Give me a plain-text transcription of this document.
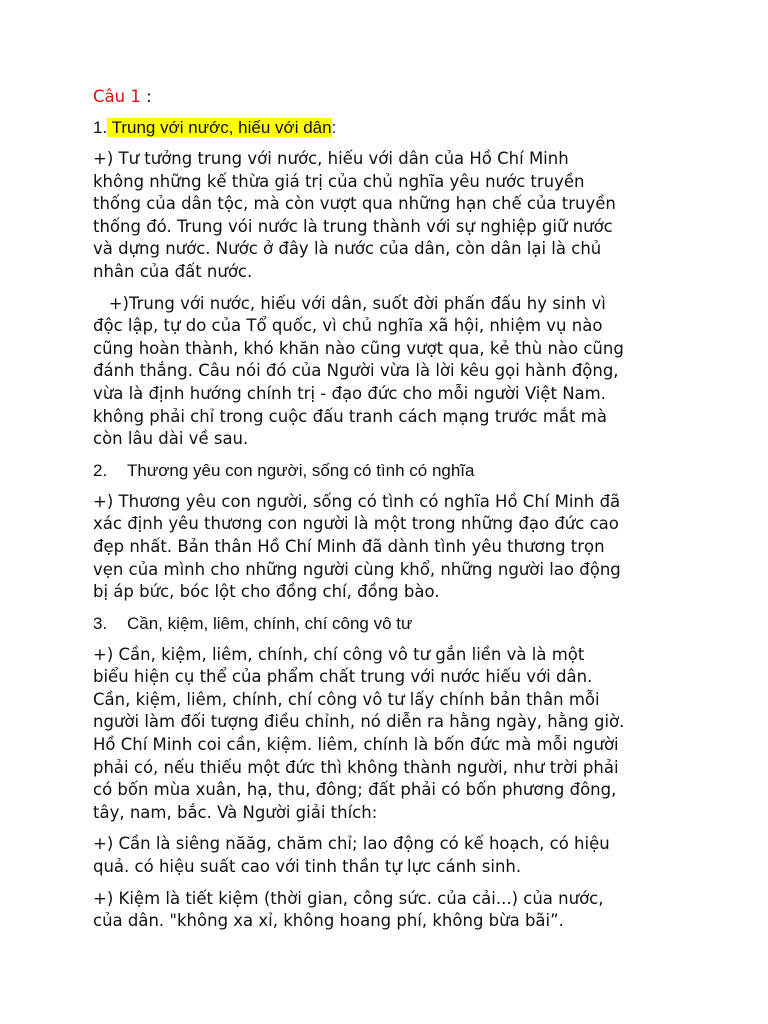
Câu 1 :
1. Trung với nước, hiếu với dân:
+) Tư tưởng trung với nước, hiếu với dân của Hồ Chí Minh
không những kế thừa giá trị của chủ nghĩa yêu nước truyền
thống của dân tộc, mà còn vượt qua những hạn chế của truyền
thống đó. Trung vói nước là trung thành với sự nghiệp giữ nước
và dựng nước. Nước ở đây là nước của dân, còn dân lại là chủ
nhân của đất nước.
+)Trung với nước, hiếu với dân, suốt đời phấn đấu hy sinh vì
độc lập, tự do của Tổ quốc, vì chủ nghĩa xã hội, nhiệm vụ nào
cũng hoàn thành, khó khăn nào cũng vượt qua, kẻ thù nào cũng
đánh thắng. Câu nói đó của Người vừa là lời kêu gọi hành động,
vừa là định hướng chính trị - đạo đức cho mỗi người Việt Nam.
không phải chỉ trong cuộc đấu tranh cách mạng trước mắt mà
còn lâu dài về sau.
2. Thương yêu con người, sống có tình có nghĩa
+) Thương yêu con người, sống có tình có nghĩa Hồ Chí Minh đã
xác định yêu thương con người là một trong những đạo đức cao
đẹp nhất. Bản thân Hồ Chí Minh đã dành tình yêu thương trọn
vẹn của mình cho những người cùng khổ, những người lao động
bị áp bức, bóc lột cho đồng chí, đồng bào.
3. Cần, kiệm, liêm, chính, chí công vô tư
+) Cần, kiệm, liêm, chính, chí công vô tư gắn liền và là một
biểu hiện cụ thể của phẩm chất trung với nước hiếu với dân.
Cần, kiệm, liêm, chính, chí công vô tư lấy chính bản thân mỗi
người làm đối tượng điều chỉnh, nó diễn ra hằng ngày, hằng giờ.
Hồ Chí Minh coi cần, kiệm. liêm, chính là bốn đức mà mỗi người
phải có, nếu thiếu một đức thì không thành người, như trời phải
có bốn mùa xuân, hạ, thu, đông; đất phải có bốn phương đông,
tây, nam, bắc. Và Người giải thích:
+) Cần là siêng năăg, chăm chỉ; lao động có kế hoạch, có hiệu
quả. có hiệu suất cao với tinh thần tự lực cánh sinh.
+) Kiệm là tiết kiệm (thời gian, công sức. của cải...) của nước,
của dân. "không xa xỉ, không hoang phí, không bừa bãi”.
